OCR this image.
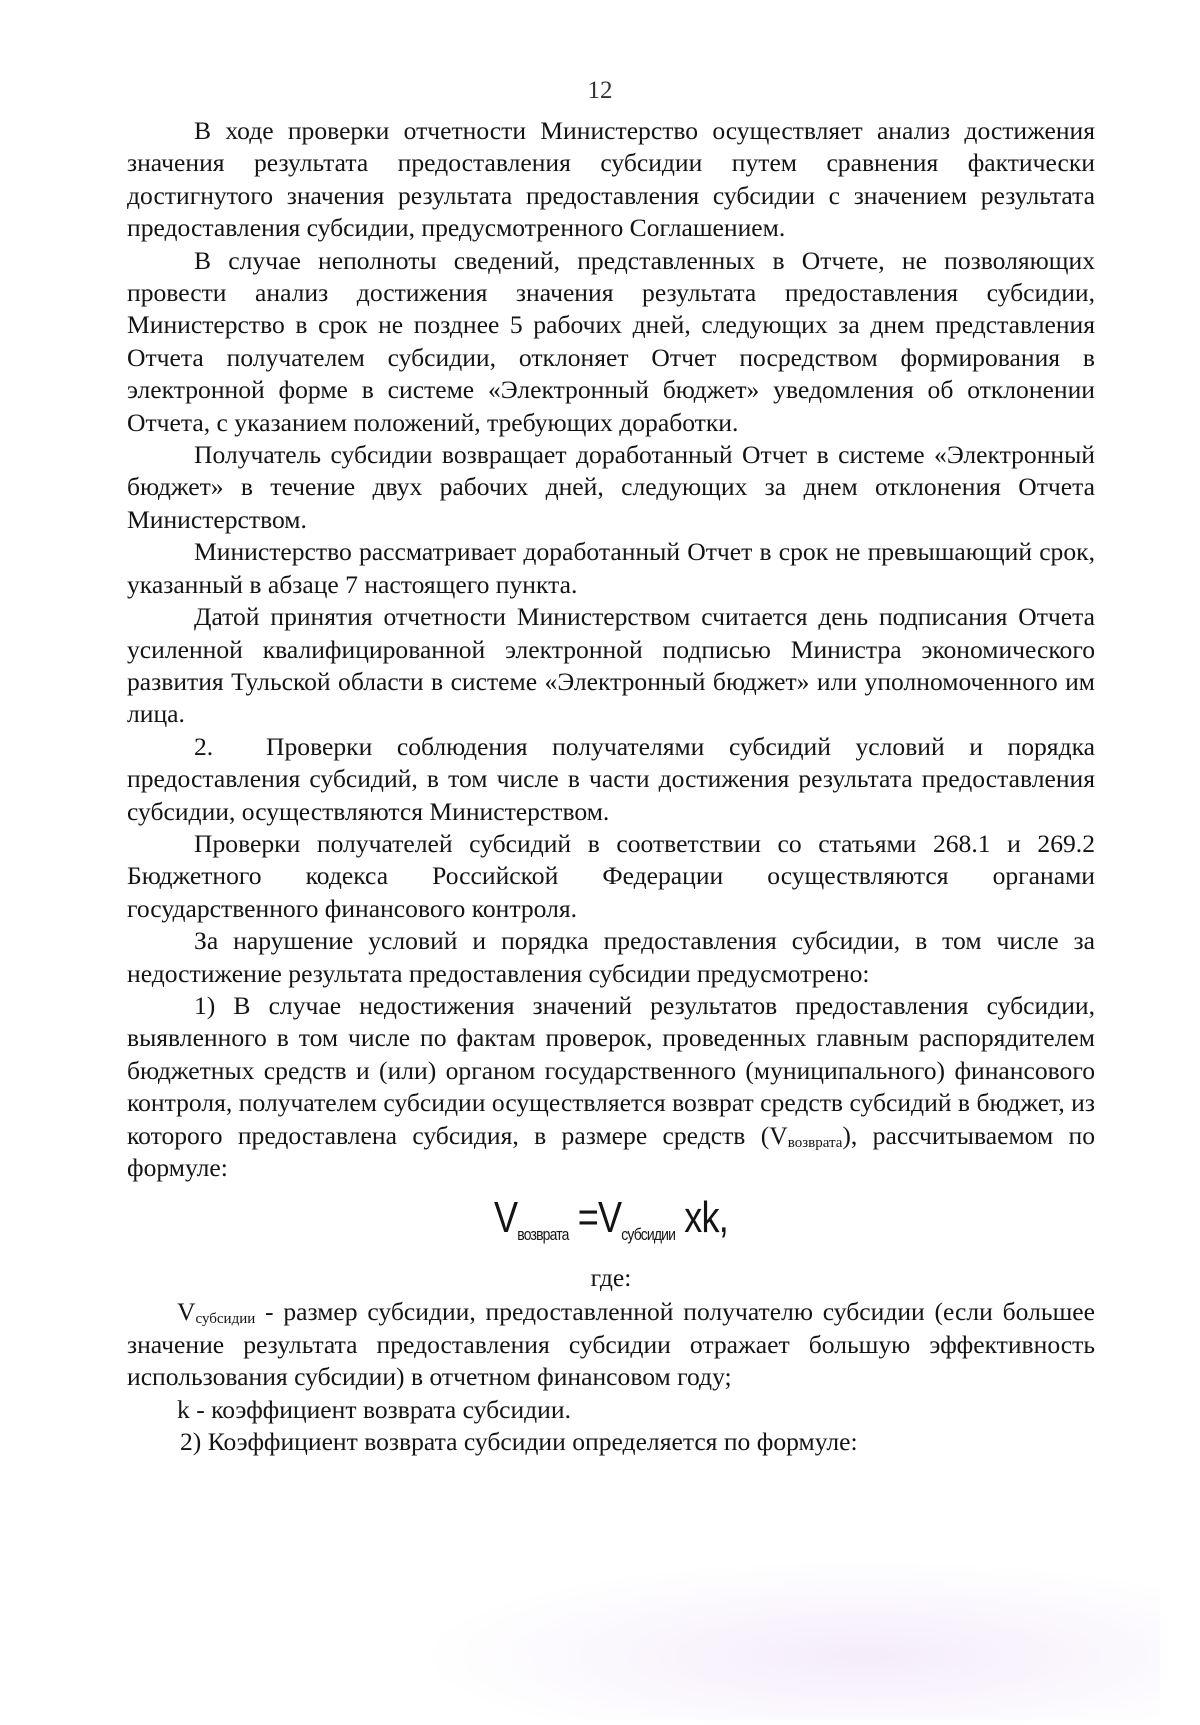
12

В ходе проверки отчетности Министерство осуществляет анализ достижения значения результата предоставления субсидии путем сравнения фактически достигнутого значения результата предоставления субсидии с значением результата предоставления субсидии, предусмотренного Соглашением.

В случае неполноты сведений, представленных в Отчете, не позволяющих провести анализ достижения значения результата предоставления субсидии, Министерство в срок не позднее 5 рабочих дней, следующих за днем представления Отчета получателем субсидии, отклоняет Отчет посредством формирования в электронной форме в системе «Электронный бюджет» уведомления об отклонении Отчета, с указанием положений, требующих доработки.

Получатель субсидии возвращает доработанный Отчет в системе «Электронный бюджет» в течение двух рабочих дней, следующих за днем отклонения Отчета Министерством.

Министерство рассматривает доработанный Отчет в срок не превышающий срок, указанный в абзаце 7 настоящего пункта.

Датой принятия отчетности Министерством считается день подписания Отчета усиленной квалифицированной электронной подписью Министра экономического развития Тульской области в системе «Электронный бюджет» или уполномоченного им лица.

2. Проверки соблюдения получателями субсидий условий и порядка предоставления субсидий, в том числе в части достижения результата предоставления субсидии, осуществляются Министерством.

Проверки получателей субсидий в соответствии со статьями 268.1 и 269.2 Бюджетного кодекса Российской Федерации осуществляются органами государственного финансового контроля.

За нарушение условий и порядка предоставления субсидии, в том числе за недостижение результата предоставления субсидии предусмотрено:

1) В случае недостижения значений результатов предоставления субсидии, выявленного в том числе по фактам проверок, проведенных главным распорядителем бюджетных средств и (или) органом государственного (муниципального) финансового контроля, получателем субсидии осуществляется возврат средств субсидий в бюджет, из которого предоставлена субсидия, в размере средств $(V_{возврата})$, рассчитываемом по формуле:

$V_{возврата} =V_{субсидии}$ xk,
где:

$V_{субсидии}$ - размер субсидии, предоставленной получателю субсидии (если большее значение результата предоставления субсидии отражает большую эффективность использования субсидии) в отчетном финансовом году;

k - коэффициент возврата субсидии.

2) Коэффициент возврата субсидии определяется по формуле:
